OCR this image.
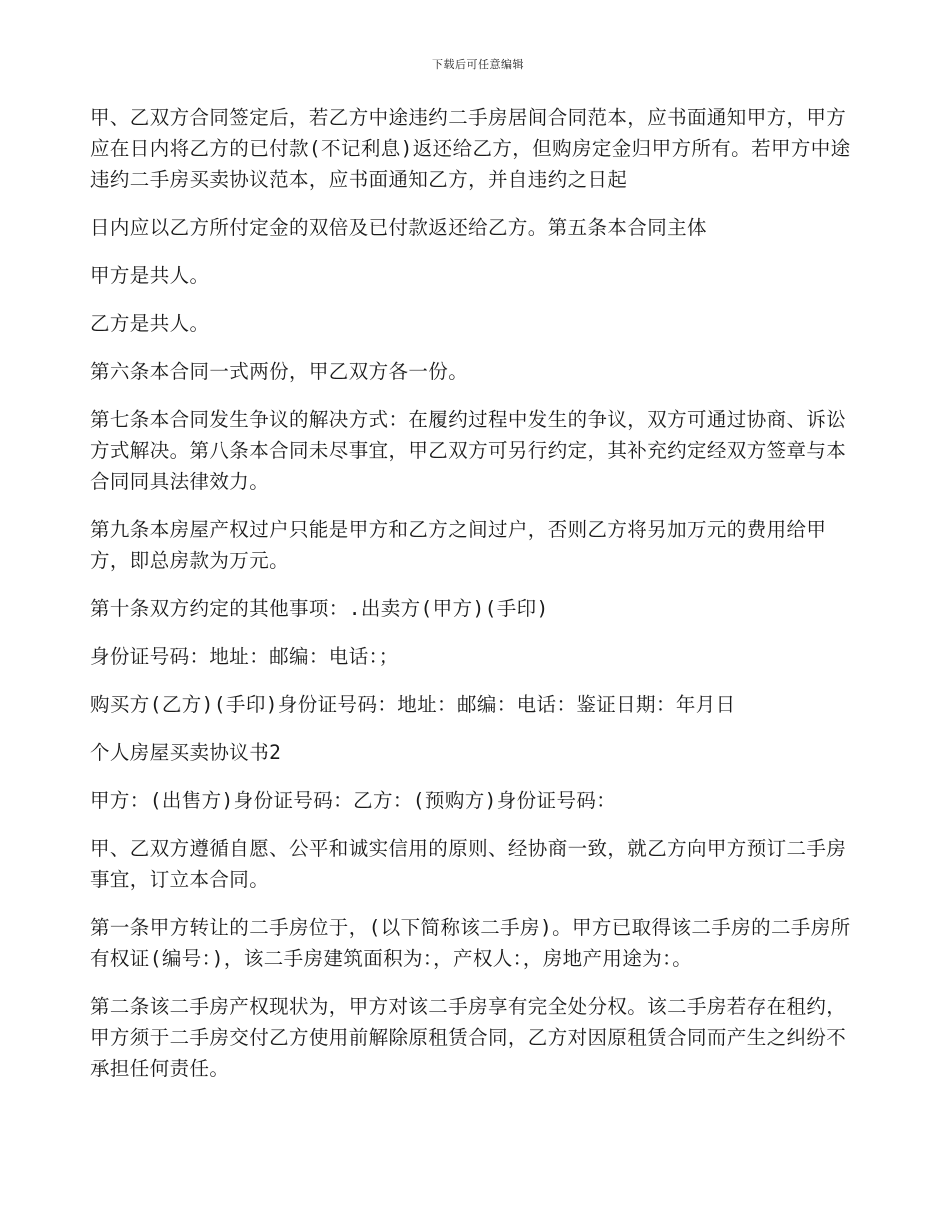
下载后可任意编辑

甲、乙双方合同签定后，若乙方中途违约二手房居间合同范本，应书面通知甲方，甲方应在日内将乙方的已付款(不记利息)返还给乙方，但购房定金归甲方所有。若甲方中途违约二手房买卖协议范本，应书面通知乙方，并自违约之日起

日内应以乙方所付定金的双倍及已付款返还给乙方。第五条本合同主体

甲方是共人。

乙方是共人。

第六条本合同一式两份，甲乙双方各一份。

第七条本合同发生争议的解决方式：在履约过程中发生的争议，双方可通过协商、诉讼方式解决。第八条本合同未尽事宜，甲乙双方可另行约定，其补充约定经双方签章与本合同同具法律效力。

第九条本房屋产权过户只能是甲方和乙方之间过户，否则乙方将另加万元的费用给甲方，即总房款为万元。

第十条双方约定的其他事项：.出卖方(甲方)(手印)

身份证号码：地址：邮编：电话：；

购买方(乙方)(手印)身份证号码：地址：邮编：电话：鉴证日期：年月日

个人房屋买卖协议书2

甲方：(出售方)身份证号码：乙方：(预购方)身份证号码：

甲、乙双方遵循自愿、公平和诚实信用的原则、经协商一致，就乙方向甲方预订二手房事宜，订立本合同。

第一条甲方转让的二手房位于，(以下简称该二手房)。甲方已取得该二手房的二手房所有权证(编号：)，该二手房建筑面积为：，产权人：，房地产用途为：。

第二条该二手房产权现状为，甲方对该二手房享有完全处分权。该二手房若存在租约，甲方须于二手房交付乙方使用前解除原租赁合同，乙方对因原租赁合同而产生之纠纷不承担任何责任。
